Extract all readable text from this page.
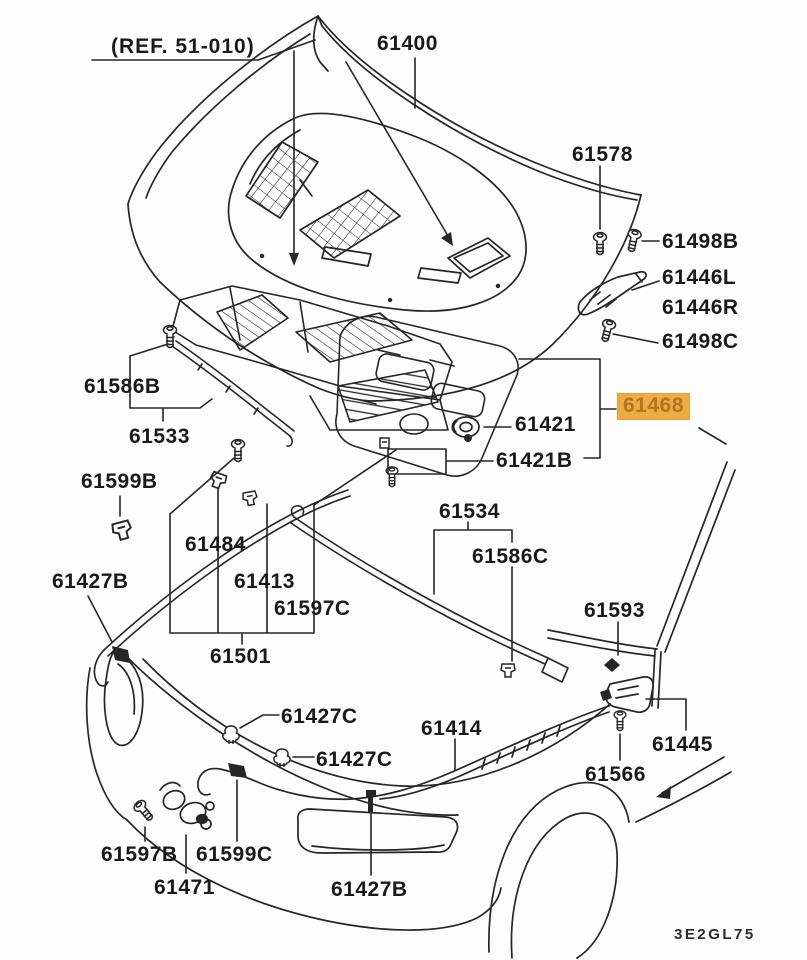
(REF. 51-010)	61400
61578
61498B
61446L
61446R
61498C
61586B
61533
61421
61468
61421B
61599B
61484
61413
61597C
61501
61427B
61534
61586C
61593
61445
61566
61427C
61427C
61414
61597B 61599C
61471	61427B
3E2GL75
